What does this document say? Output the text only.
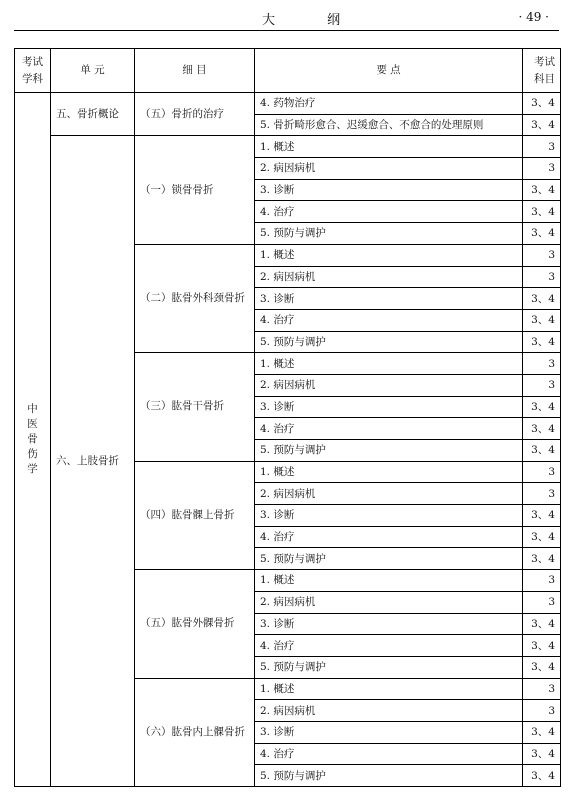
大 纲	· 49 ·
考试学科	单 元	细 目	要 点	考试科目
中医骨伤学	五、骨折概论	（五）骨折的治疗	4. 药物治疗	3、4
			5. 骨折畸形愈合、迟缓愈合、不愈合的处理原则	3、4
	六、上肢骨折	（一）锁骨骨折	1. 概述	3
			2. 病因病机	3
			3. 诊断	3、4
			4. 治疗	3、4
			5. 预防与调护	3、4
		（二）肱骨外科颈骨折	1. 概述	3
			2. 病因病机	3
			3. 诊断	3、4
			4. 治疗	3、4
			5. 预防与调护	3、4
		（三）肱骨干骨折	1. 概述	3
			2. 病因病机	3
			3. 诊断	3、4
			4. 治疗	3、4
			5. 预防与调护	3、4
		（四）肱骨髁上骨折	1. 概述	3
			2. 病因病机	3
			3. 诊断	3、4
			4. 治疗	3、4
			5. 预防与调护	3、4
		（五）肱骨外髁骨折	1. 概述	3
			2. 病因病机	3
			3. 诊断	3、4
			4. 治疗	3、4
			5. 预防与调护	3、4
		（六）肱骨内上髁骨折	1. 概述	3
			2. 病因病机	3
			3. 诊断	3、4
			4. 治疗	3、4
			5. 预防与调护	3、4
